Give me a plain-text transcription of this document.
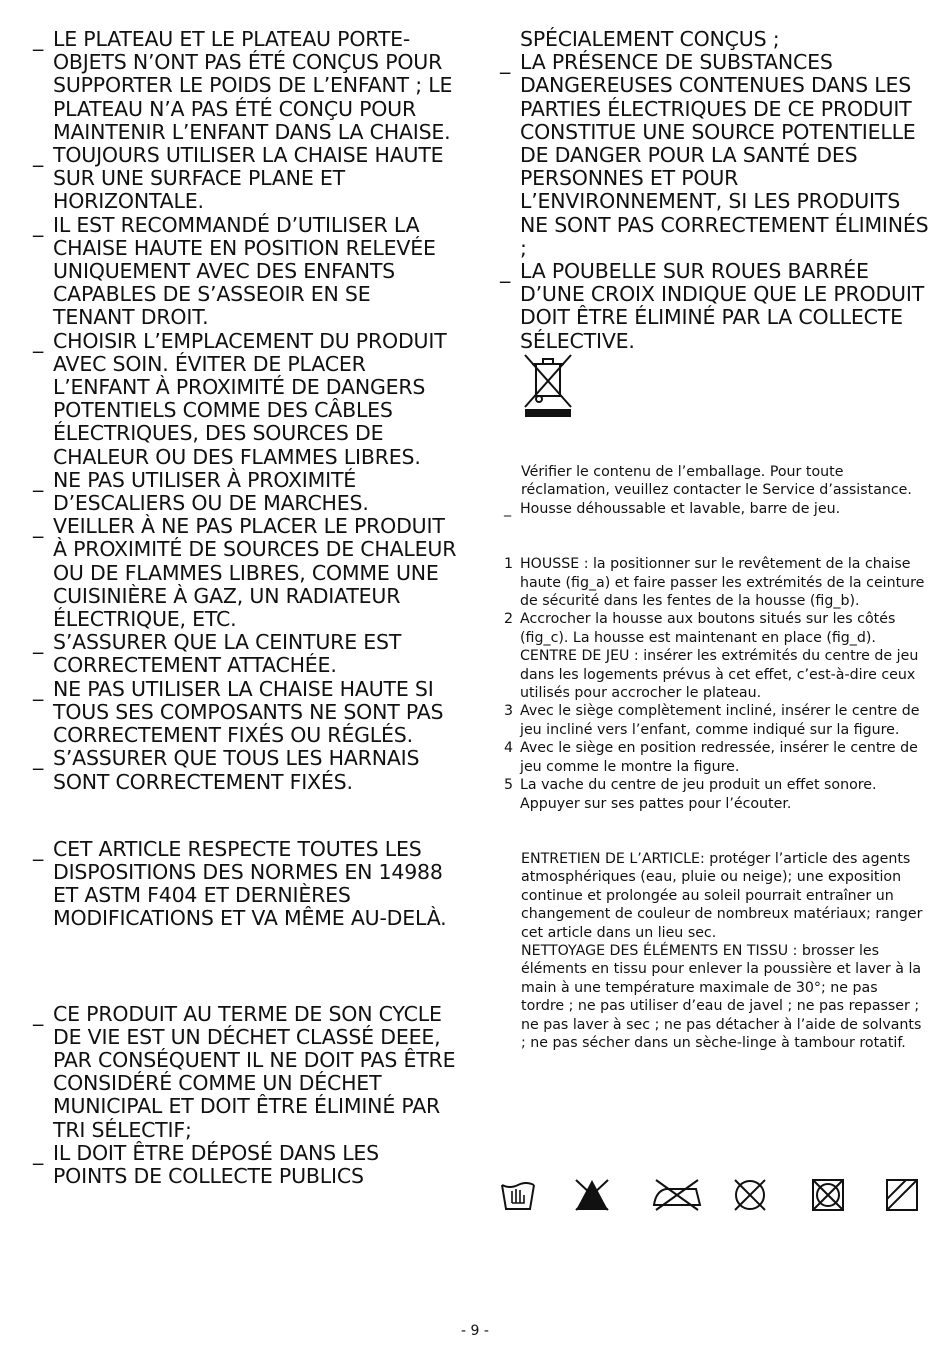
_ LE PLATEAU ET LE PLATEAU PORTE-OBJETS N’ONT PAS ÉTÉ CONÇUS POUR SUPPORTER LE POIDS DE L’ENFANT ; LE PLATEAU N’A PAS ÉTÉ CONÇU POUR MAINTENIR L’ENFANT DANS LA CHAISE.
_ TOUJOURS UTILISER LA CHAISE HAUTE SUR UNE SURFACE PLANE ET HORIZONTALE.
_ IL EST RECOMMANDÉ D’UTILISER LA CHAISE HAUTE EN POSITION RELEVÉE UNIQUEMENT AVEC DES ENFANTS CAPABLES DE S’ASSEOIR EN SE TENANT DROIT.
_ CHOISIR L’EMPLACEMENT DU PRODUIT AVEC SOIN. ÉVITER DE PLACER L’ENFANT À PROXIMITÉ DE DANGERS POTENTIELS COMME DES CÂBLES ÉLECTRIQUES, DES SOURCES DE CHALEUR OU DES FLAMMES LIBRES.
_ NE PAS UTILISER À PROXIMITÉ D’ESCALIERS OU DE MARCHES.
_ VEILLER À NE PAS PLACER LE PRODUIT À PROXIMITÉ DE SOURCES DE CHALEUR OU DE FLAMMES LIBRES, COMME UNE CUISINIÈRE À GAZ, UN RADIATEUR ÉLECTRIQUE, ETC.
_ S’ASSURER QUE LA CEINTURE EST CORRECTEMENT ATTACHÉE.
_ NE PAS UTILISER LA CHAISE HAUTE SI TOUS SES COMPOSANTS NE SONT PAS CORRECTEMENT FIXÉS OU RÉGLÉS.
_ S’ASSURER QUE TOUS LES HARNAIS SONT CORRECTEMENT FIXÉS.
_ CET ARTICLE RESPECTE TOUTES LES DISPOSITIONS DES NORMES EN 14988 ET ASTM F404 ET DERNIÈRES MODIFICATIONS ET VA MÊME AU-DELÀ.
_ CE PRODUIT AU TERME DE SON CYCLE DE VIE EST UN DÉCHET CLASSÉ DEEE, PAR CONSÉQUENT IL NE DOIT PAS ÊTRE CONSIDÉRÉ COMME UN DÉCHET MUNICIPAL ET DOIT ÊTRE ÉLIMINÉ PAR TRI SÉLECTIF;
_ IL DOIT ÊTRE DÉPOSÉ DANS LES POINTS DE COLLECTE PUBLICS
SPÉCIALEMENT CONÇUS ;
_ LA PRÉSENCE DE SUBSTANCES DANGEREUSES CONTENUES DANS LES PARTIES ÉLECTRIQUES DE CE PRODUIT CONSTITUE UNE SOURCE POTENTIELLE DE DANGER POUR LA SANTÉ DES PERSONNES ET POUR L’ENVIRONNEMENT, SI LES PRODUITS NE SONT PAS CORRECTEMENT ÉLIMINÉS ;
_ LA POUBELLE SUR ROUES BARRÉE D’UNE CROIX INDIQUE QUE LE PRODUIT DOIT ÊTRE ÉLIMINÉ PAR LA COLLECTE SÉLECTIVE.
Vérifier le contenu de l’emballage. Pour toute réclamation, veuillez contacter le Service d’assistance.
_ Housse déhoussable et lavable, barre de jeu.
1 HOUSSE : la positionner sur le revêtement de la chaise haute (fig_a) et faire passer les extrémités de la ceinture de sécurité dans les fentes de la housse (fig_b).
2 Accrocher la housse aux boutons situés sur les côtés (fig_c). La housse est maintenant en place (fig_d).
CENTRE DE JEU : insérer les extrémités du centre de jeu dans les logements prévus à cet effet, c’est-à-dire ceux utilisés pour accrocher le plateau.
3 Avec le siège complètement incliné, insérer le centre de jeu incliné vers l’enfant, comme indiqué sur la figure.
4 Avec le siège en position redressée, insérer le centre de jeu comme le montre la figure.
5 La vache du centre de jeu produit un effet sonore. Appuyer sur ses pattes pour l’écouter.
ENTRETIEN DE L’ARTICLE: protéger l’article des agents atmosphériques (eau, pluie ou neige); une exposition continue et prolongée au soleil pourrait entraîner un changement de couleur de nombreux matériaux; ranger cet article dans un lieu sec.
NETTOYAGE DES ÉLÉMENTS EN TISSU : brosser les éléments en tissu pour enlever la poussière et laver à la main à une température maximale de 30°; ne pas tordre ; ne pas utiliser d’eau de javel ; ne pas repasser ; ne pas laver à sec ; ne pas détacher à l’aide de solvants ; ne pas sécher dans un sèche-linge à tambour rotatif.
- 9 -
